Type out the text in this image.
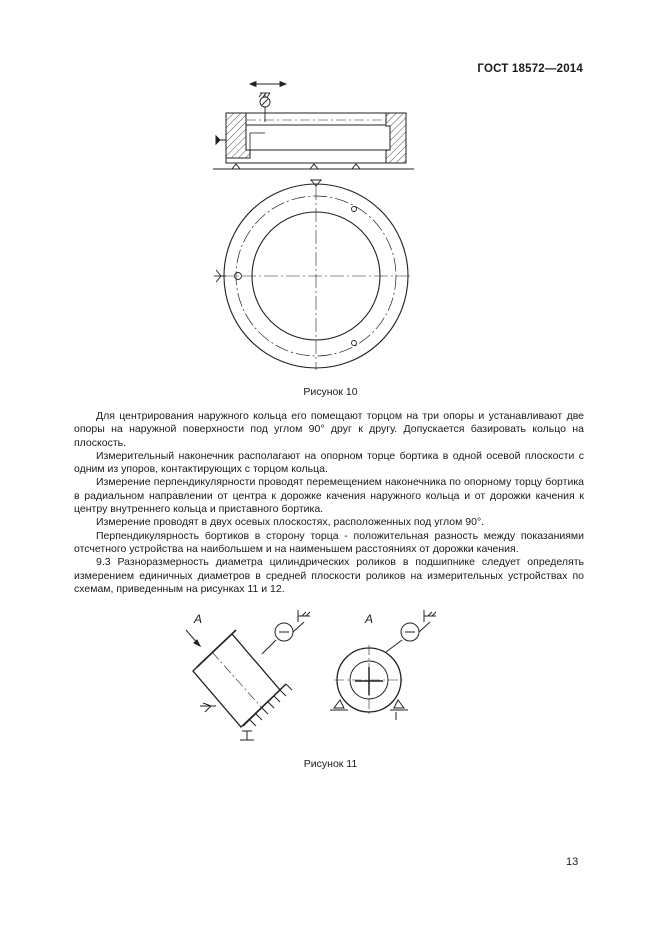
ГОСТ 18572—2014
Рисунок 10

Для центрирования наружного кольца его помещают торцом на три опоры и устанавливают две опоры на наружной поверхности под углом 90° друг к другу. Допускается базировать кольцо на плоскость.

Измерительный наконечник располагают на опорном торце бортика в одной осевой плоскости с одним из упоров, контактирующих с торцом кольца.

Измерение перпендикулярности проводят перемещением наконечника по опорному торцу бортика в радиальном направлении от центра к дорожке качения наружного кольца и от дорожки качения к центру внутреннего кольца и приставного бортика.

Измерение проводят в двух осевых плоскостях, расположенных под углом 90°.

Перпендикулярность бортиков в сторону торца - положительная разность между показаниями отсчетного устройства на наибольшем и на наименьшем расстояниях от дорожки качения.

9.3 Разноразмерность диаметра цилиндрических роликов в подшипнике следует определять измерением единичных диаметров в средней плоскости роликов на измерительных устройствах по схемам, приведенным на рисунках 11 и 12.

А	А
Рисунок 11
13
